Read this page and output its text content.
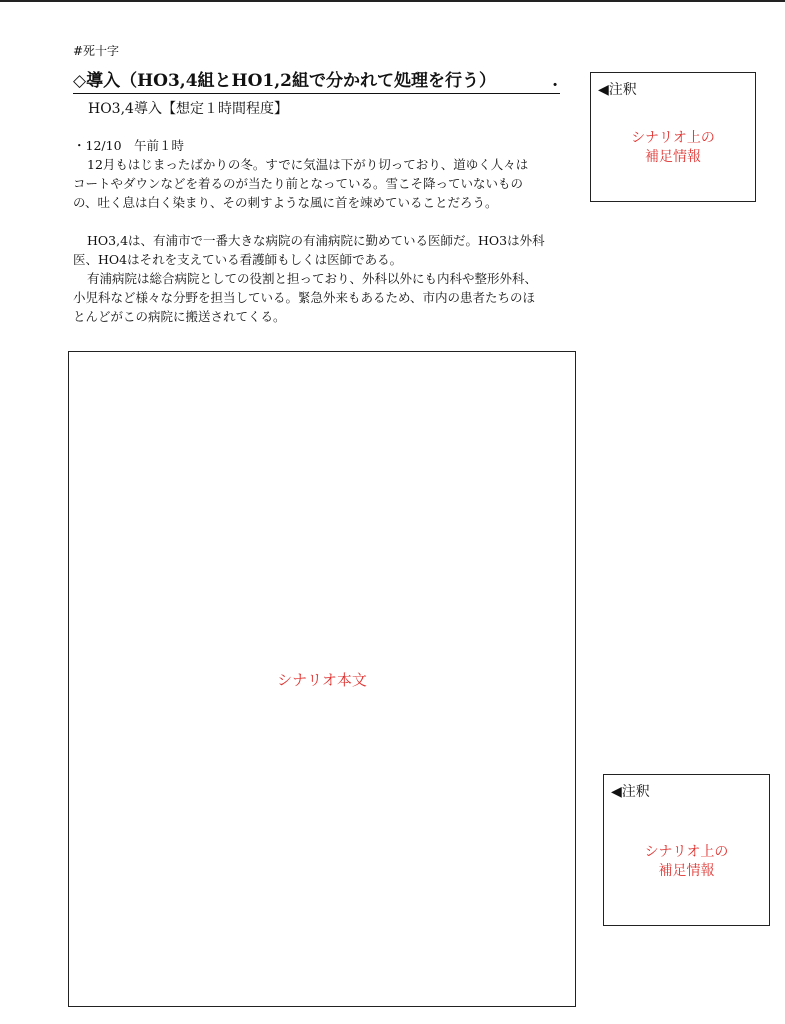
#死十字
◇導入（HO3,4組とHO1,2組で分かれて処理を行う）	.
HO3,4導入【想定１時間程度】

・12/10　午前１時

12月もはじまったばかりの冬。すでに気温は下がり切っており、道ゆく人々は

コートやダウンなどを着るのが当たり前となっている。雪こそ降っていないもの

の、吐く息は白く染まり、その刺すような風に首を竦めていることだろう。

HO3,4は、有浦市で一番大きな病院の有浦病院に勤めている医師だ。HO3は外科

医、HO4はそれを支えている看護師もしくは医師である。

有浦病院は総合病院としての役割と担っており、外科以外にも内科や整形外科、

小児科など様々な分野を担当している。緊急外来もあるため、市内の患者たちのほ

とんどがこの病院に搬送されてくる。

シナリオ本文
◀注釈
シナリオ上の
補足情報
◀注釈
シナリオ上の
補足情報
